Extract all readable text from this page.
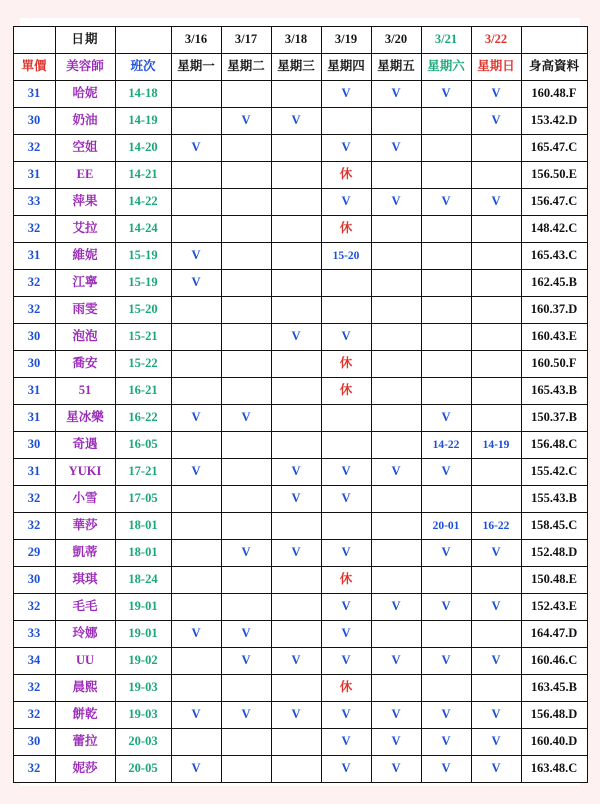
	日期		3/16	3/17	3/18	3/19	3/20	3/21	3/22	
單價	美容師	班次	星期一	星期二	星期三	星期四	星期五	星期六	星期日	身高資料
31	哈妮	14-18				V	V	V	V	160.48.F
30	奶油	14-19		V	V				V	153.42.D
32	空姐	14-20	V			V	V			165.47.C
31	EE	14-21				休				156.50.E
33	萍果	14-22				V	V	V	V	156.47.C
32	艾拉	14-24				休				148.42.C
31	維妮	15-19	V			15-20				165.43.C
32	江寧	15-19	V							162.45.B
32	雨雯	15-20								160.37.D
30	泡泡	15-21			V	V				160.43.E
30	喬安	15-22				休				160.50.F
31	51	16-21				休				165.43.B
31	星冰樂	16-22	V	V				V		150.37.B
30	奇遇	16-05						14-22	14-19	156.48.C
31	YUKI	17-21	V		V	V	V	V		155.42.C
32	小雪	17-05			V	V				155.43.B
32	華莎	18-01						20-01	16-22	158.45.C
29	凱蒂	18-01		V	V	V		V	V	152.48.D
30	琪琪	18-24				休				150.48.E
32	毛毛	19-01				V	V	V	V	152.43.E
33	玲娜	19-01	V	V		V				164.47.D
34	UU	19-02		V	V	V	V	V	V	160.46.C
32	晨熙	19-03				休				163.45.B
32	餅乾	19-03	V	V	V	V	V	V	V	156.48.D
30	蕾拉	20-03				V	V	V	V	160.40.D
32	妮莎	20-05	V			V	V	V	V	163.48.C
